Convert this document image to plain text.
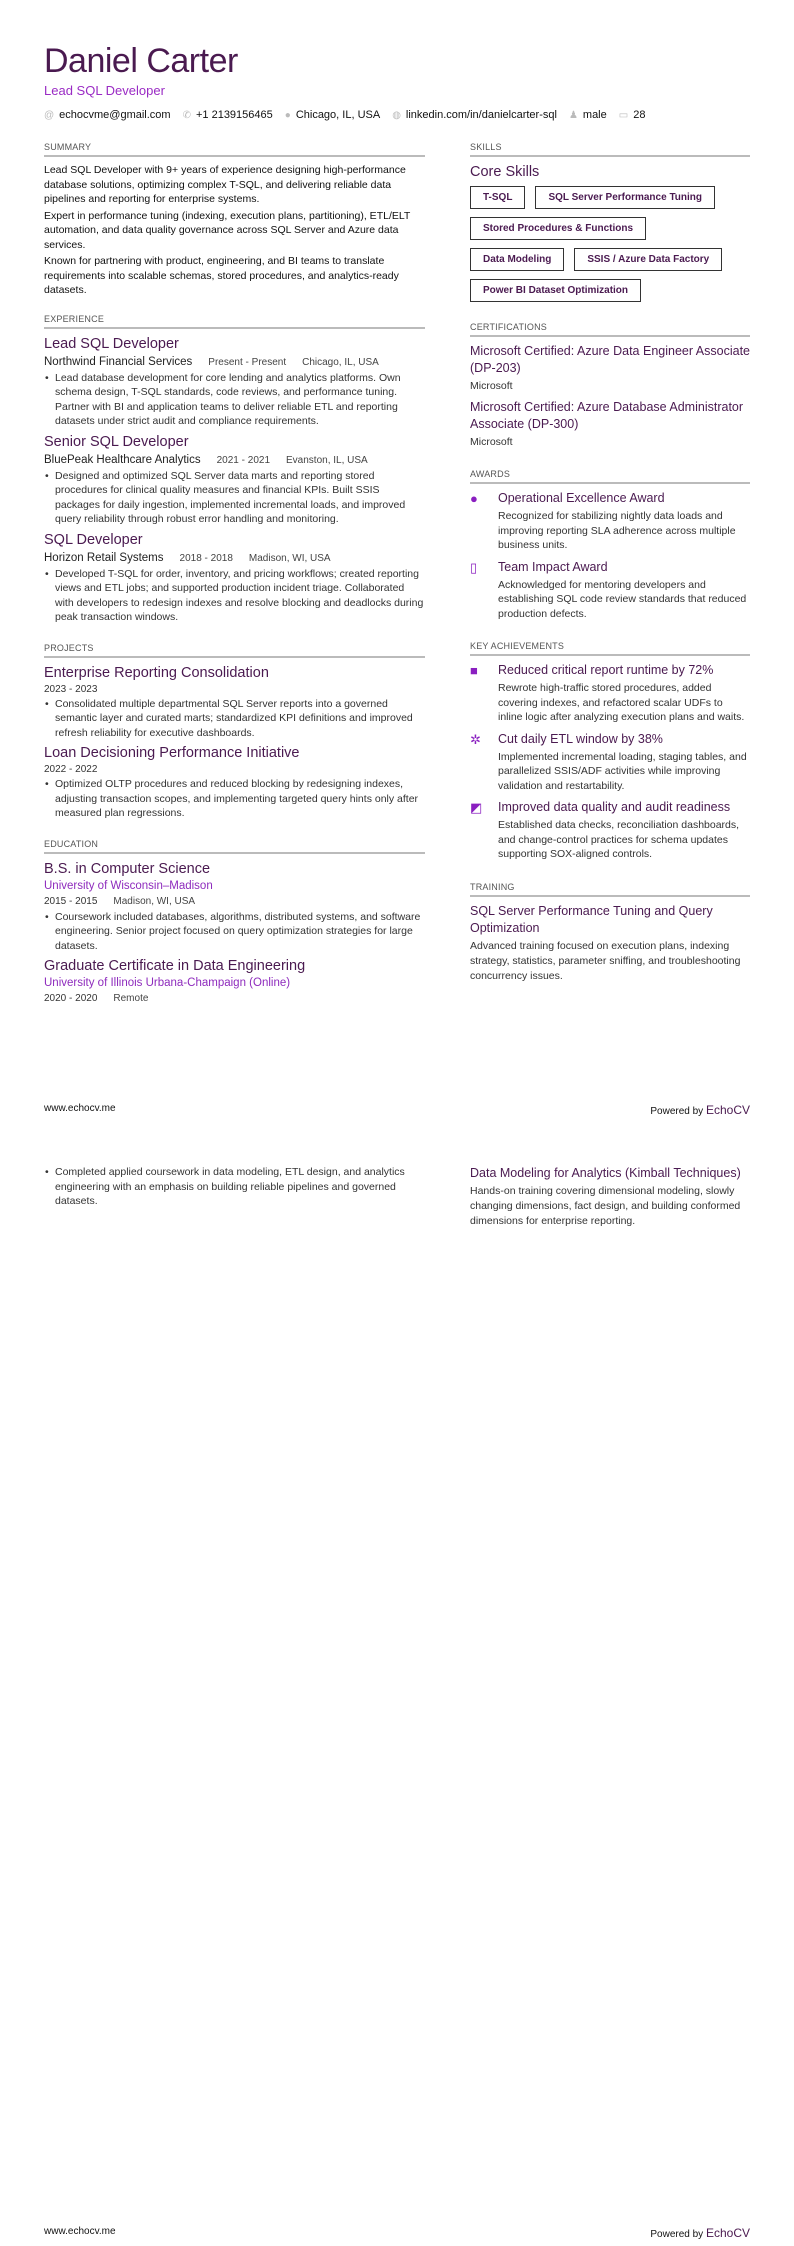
Daniel Carter
Lead SQL Developer
@ echocvme@gmail.com ✆ +1 2139156465 ● Chicago, IL, USA ◍ linkedin.com/in/danielcarter-sql ♟ male ▭ 28
SUMMARY

Lead SQL Developer with 9+ years of experience designing high-performance database solutions, optimizing complex T-SQL, and delivering reliable data pipelines and reporting for enterprise systems.

Expert in performance tuning (indexing, execution plans, partitioning), ETL/ELT automation, and data quality governance across SQL Server and Azure data services.

Known for partnering with product, engineering, and BI teams to translate requirements into scalable schemas, stored procedures, and analytics-ready datasets.

EXPERIENCE
Lead SQL Developer
Northwind Financial Services Present - Present Chicago, IL, USA
• Lead database development for core lending and analytics platforms. Own schema design, T-SQL standards, code reviews, and performance tuning. Partner with BI and application teams to deliver reliable ETL and reporting datasets under strict audit and compliance requirements.
Senior SQL Developer
BluePeak Healthcare Analytics 2021 - 2021 Evanston, IL, USA
• Designed and optimized SQL Server data marts and reporting stored procedures for clinical quality measures and financial KPIs. Built SSIS packages for daily ingestion, implemented incremental loads, and improved query reliability through robust error handling and monitoring.
SQL Developer
Horizon Retail Systems 2018 - 2018 Madison, WI, USA
• Developed T-SQL for order, inventory, and pricing workflows; created reporting views and ETL jobs; and supported production incident triage. Collaborated with developers to redesign indexes and resolve blocking and deadlocks during peak transaction windows.
PROJECTS
Enterprise Reporting Consolidation
2023 - 2023
• Consolidated multiple departmental SQL Server reports into a governed semantic layer and curated marts; standardized KPI definitions and improved refresh reliability for executive dashboards.
Loan Decisioning Performance Initiative
2022 - 2022
• Optimized OLTP procedures and reduced blocking by redesigning indexes, adjusting transaction scopes, and implementing targeted query hints only after measured plan regressions.
EDUCATION
B.S. in Computer Science
University of Wisconsin–Madison
2015 - 2015 Madison, WI, USA
• Coursework included databases, algorithms, distributed systems, and software engineering. Senior project focused on query optimization strategies for large datasets.
Graduate Certificate in Data Engineering
University of Illinois Urbana-Champaign (Online)
2020 - 2020 Remote
SKILLS
Core Skills
T-SQL	SQL Server Performance Tuning
Stored Procedures & Functions
Data Modeling	SSIS / Azure Data Factory
Power BI Dataset Optimization
CERTIFICATIONS
Microsoft Certified: Azure Data Engineer Associate (DP-203)
Microsoft
Microsoft Certified: Azure Database Administrator Associate (DP-300)
Microsoft
AWARDS
●	Operational Excellence Award
Recognized for stabilizing nightly data loads and improving reporting SLA adherence across multiple business units.
▯	Team Impact Award
Acknowledged for mentoring developers and establishing SQL code review standards that reduced production defects.
KEY ACHIEVEMENTS
■	Reduced critical report runtime by 72%
Rewrote high-traffic stored procedures, added covering indexes, and refactored scalar UDFs to inline logic after analyzing execution plans and waits.
✲	Cut daily ETL window by 38%
Implemented incremental loading, staging tables, and parallelized SSIS/ADF activities while improving validation and restartability.
◩ Improved data quality and audit readiness
Established data checks, reconciliation dashboards, and change-control practices for schema updates supporting SOX-aligned controls.
TRAINING
SQL Server Performance Tuning and Query Optimization
Advanced training focused on execution plans, indexing strategy, statistics, parameter sniffing, and troubleshooting concurrency issues.
www.echocv.me	Powered by EchoCV
• Completed applied coursework in data modeling, ETL design, and analytics engineering with an emphasis on building reliable pipelines and governed datasets.
Data Modeling for Analytics (Kimball Techniques)
Hands-on training covering dimensional modeling, slowly changing dimensions, fact design, and building conformed dimensions for enterprise reporting.
www.echocv.me	Powered by EchoCV
